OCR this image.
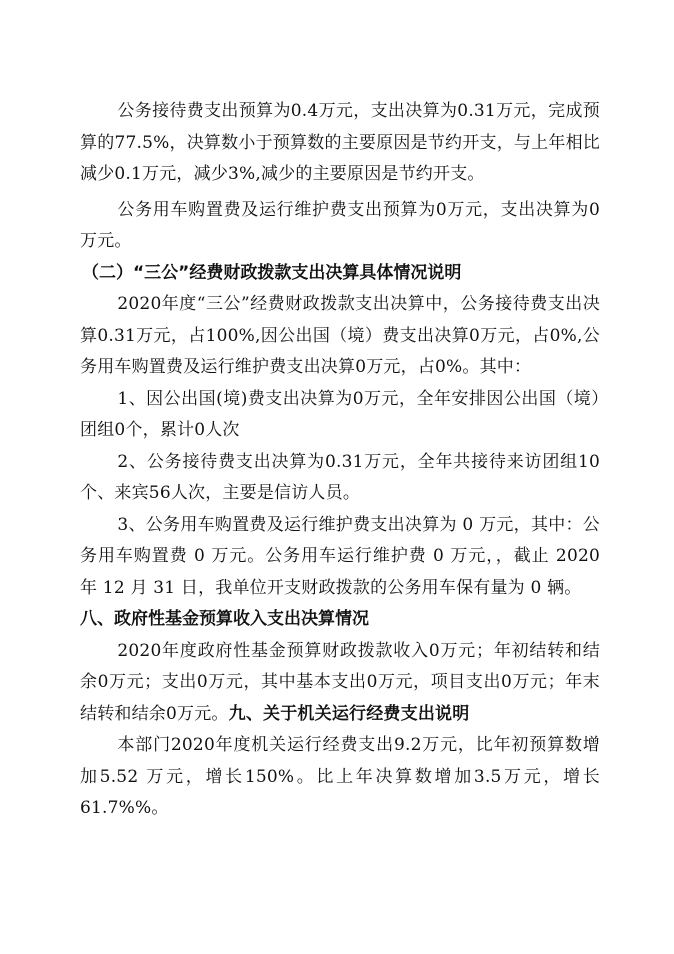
公务接待费支出预算为0.4万元，支出决算为0.31万元，完成预算的77.5%，决算数小于预算数的主要原因是节约开支，与上年相比减少0.1万元，减少3%,减少的主要原因是节约开支。

公务用车购置费及运行维护费支出预算为0万元，支出决算为0万元。

（二）“三公”经费财政拨款支出决算具体情况说明

2020年度“三公”经费财政拨款支出决算中，公务接待费支出决算0.31万元，占100%,因公出国（境）费支出决算0万元，占0%,公务用车购置费及运行维护费支出决算0万元，占0%。其中：

1、因公出国(境)费支出决算为0万元，全年安排因公出国（境）团组0个，累计0人次

2、公务接待费支出决算为0.31万元，全年共接待来访团组10个、来宾56人次，主要是信访人员。

3、公务用车购置费及运行维护费支出决算为 0 万元，其中：公务用车购置费 0 万元。公务用车运行维护费 0 万元，，截止 2020 年 12 月 31 日，我单位开支财政拨款的公务用车保有量为 0 辆。

八、政府性基金预算收入支出决算情况

2020年度政府性基金预算财政拨款收入0万元；年初结转和结余0万元；支出0万元，其中基本支出0万元，项目支出0万元；年末结转和结余0万元。九、关于机关运行经费支出说明

本部门2020年度机关运行经费支出9.2万元，比年初预算数增加5.52 万元，增长150%。比上年决算数增加3.5万元，增长61.7%%。
